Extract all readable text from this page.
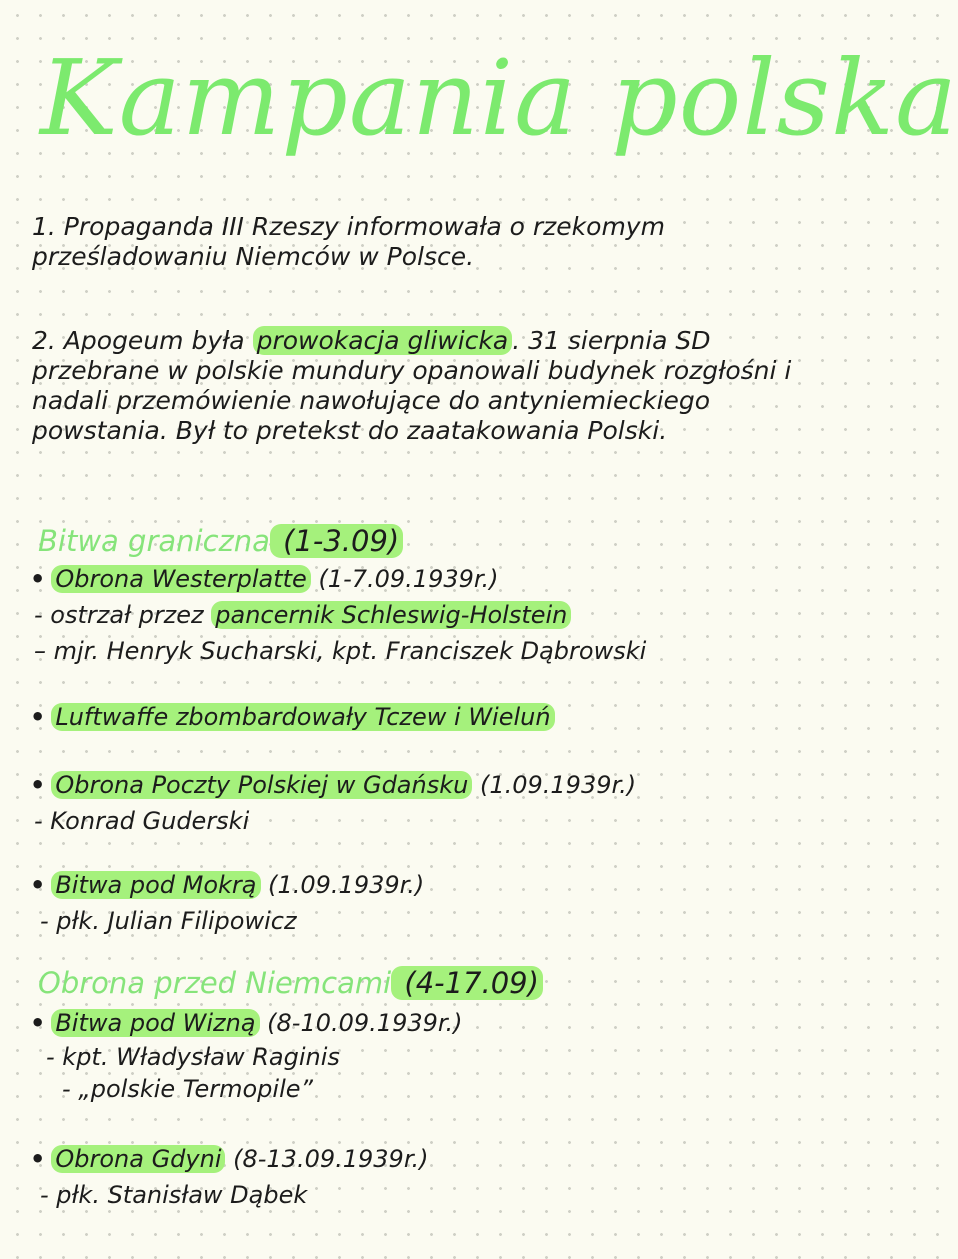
Kampania polska

1. Propaganda III Rzeszy informowała o rzekomym prześladowaniu Niemców w Polsce.

2. Apogeum była prowokacja gliwicka . 31 sierpnia SD przebrane w polskie mundury opanowali budynek rozgłośni i nadali przemówienie nawołujące do antyniemieckiego powstania. Był to pretekst do zaatakowania Polski.

Bitwa graniczna (1-3.09)
• Obrona Westerplatte (1-7.09.1939r.)
- ostrzał przez pancernik Schleswig-Holstein
– mjr. Henryk Sucharski, kpt. Franciszek Dąbrowski
• Luftwaffe zbombardowały Tczew i Wieluń
• Obrona Poczty Polskiej w Gdańsku (1.09.1939r.)
- Konrad Guderski
• Bitwa pod Mokrą (1.09.1939r.)
- płk. Julian Filipowicz
Obrona przed Niemcami (4-17.09)
• Bitwa pod Wizną (8-10.09.1939r.)
- kpt. Władysław Raginis
- „polskie Termopile”
• Obrona Gdyni (8-13.09.1939r.)
- płk. Stanisław Dąbek
